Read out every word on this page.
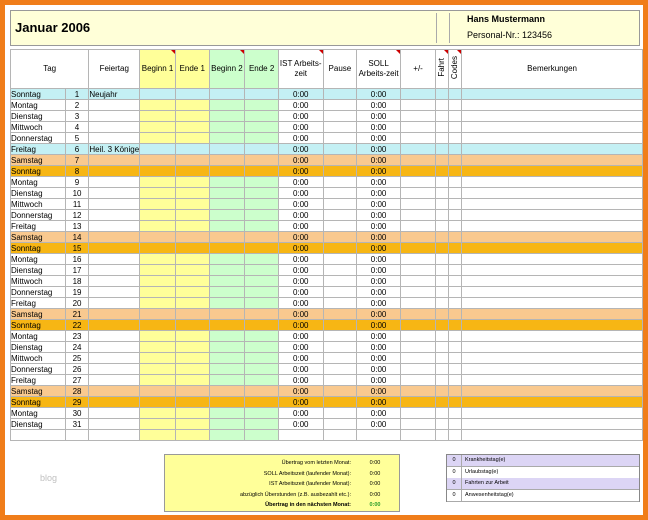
Januar 2006
Hans Mustermann
Personal-Nr.: 123456
Tag		Feiertag	Beginn 1	Ende 1	Beginn 2	Ende 2	IST Arbeits-zeit	Pause	SOLL Arbeits-zeit	+/-	Fahrt	Codes	Bemerkungen
Sonntag	1	Neujahr					0:00		0:00				
Montag	2						0:00		0:00				
Dienstag	3						0:00		0:00				
Mittwoch	4						0:00		0:00				
Donnerstag	5						0:00		0:00				
Freitag	6	Heil. 3 Könige					0:00		0:00				
Samstag	7						0:00		0:00				
Sonntag	8						0:00		0:00				
Montag	9						0:00		0:00				
Dienstag	10						0:00		0:00				
Mittwoch	11						0:00		0:00				
Donnerstag	12						0:00		0:00				
Freitag	13						0:00		0:00				
Samstag	14						0:00		0:00				
Sonntag	15						0:00		0:00				
Montag	16						0:00		0:00				
Dienstag	17						0:00		0:00				
Mittwoch	18						0:00		0:00				
Donnerstag	19						0:00		0:00				
Freitag	20						0:00		0:00				
Samstag	21						0:00		0:00				
Sonntag	22						0:00		0:00				
Montag	23						0:00		0:00				
Dienstag	24						0:00		0:00				
Mittwoch	25						0:00		0:00				
Donnerstag	26						0:00		0:00				
Freitag	27						0:00		0:00				
Samstag	28						0:00		0:00				
Sonntag	29						0:00		0:00				
Montag	30						0:00		0:00				
Dienstag	31						0:00		0:00				

Übertrag vom letzten Monat:	0:00
SOLL Arbeitszeit (laufender Monat):	0:00
IST Arbeitszeit (laufender Monat):	0:00
abzüglich Überstunden (z.B. ausbezahlt etc.):	0:00
Übertrag in den nächsten Monat:	0:00
0	Krankheitstag(e)
0	Urlaubstag(e)
0	Fahrten zur Arbeit
0	Anwesenheitstag(e)
blog
